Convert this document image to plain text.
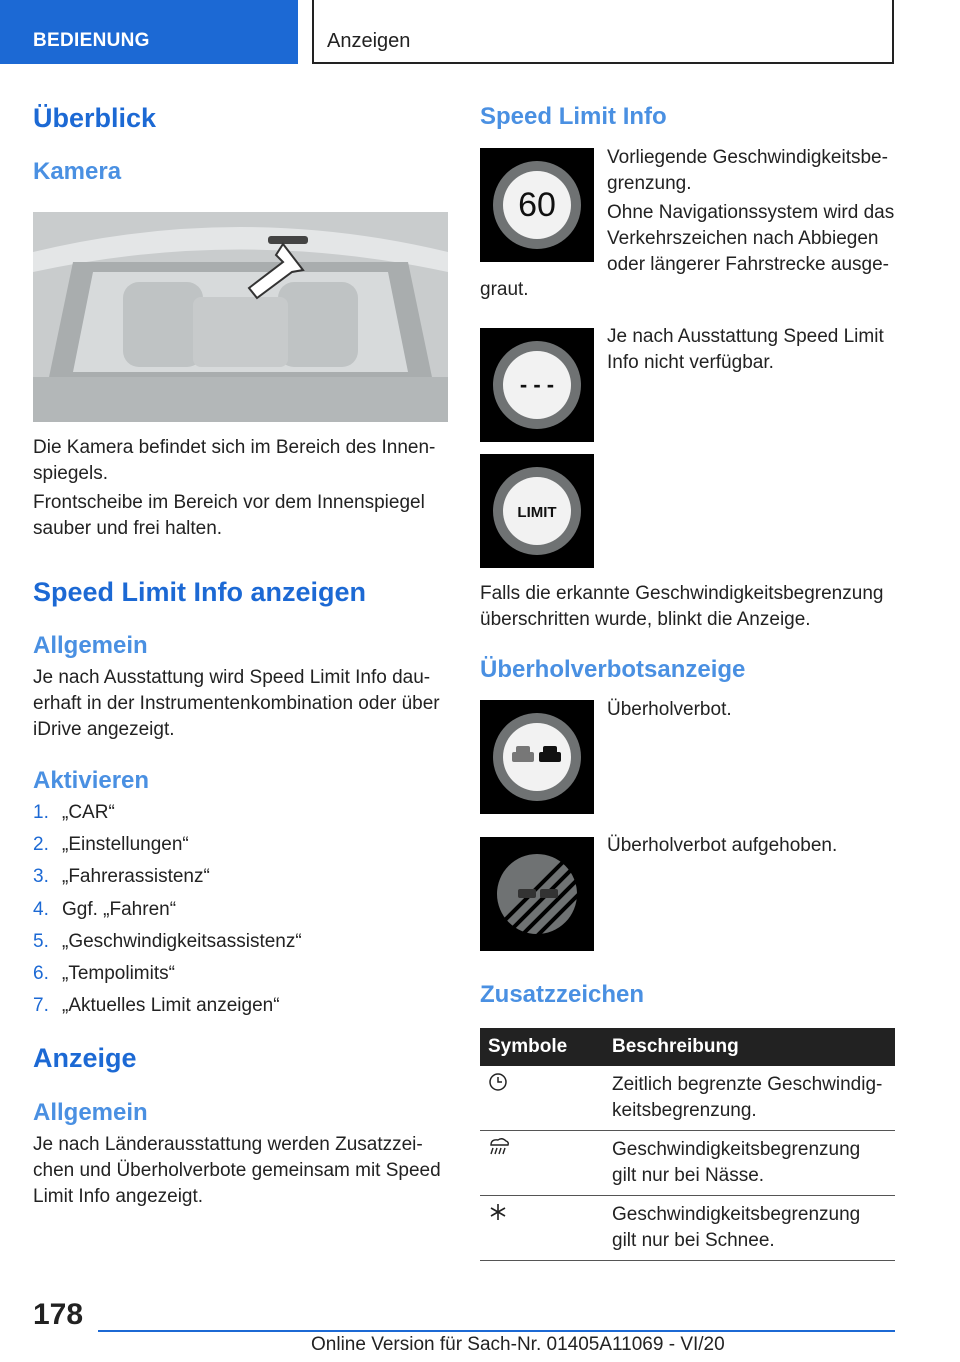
BEDIENUNG	Anzeigen
Überblick
Kamera

Die Kamera befindet sich im Bereich des Innen-spiegels.

Frontscheibe im Bereich vor dem Innenspiegel sauber und frei halten.

Speed Limit Info anzeigen
Allgemein

Je nach Ausstattung wird Speed Limit Info dau-erhaft in der Instrumentenkombination oder über iDrive angezeigt.

Aktivieren
1. „CAR“
2. „Einstellungen“
3. „Fahrerassistenz“
4. Ggf. „Fahren“
5. „Geschwindigkeitsassistenz“
6. „Tempolimits“
7. „Aktuelles Limit anzeigen“
Anzeige
Allgemein

Je nach Länderausstattung werden Zusatzzei-chen und Überholverbote gemeinsam mit Speed Limit Info angezeigt.

Speed Limit Info
60

Vorliegende Geschwindigkeitsbe-grenzung.

Ohne Navigationssystem wird das Verkehrszeichen nach Abbiegen oder längerer Fahrstrecke ausge-

graut.

- - -

Je nach Ausstattung Speed Limit Info nicht verfügbar.

LIMIT

Falls die erkannte Geschwindigkeitsbegrenzung überschritten wurde, blinkt die Anzeige.

Überholverbotsanzeige

Überholverbot.

Überholverbot aufgehoben.

Zusatzzeichen
Symbole	Beschreibung
	Zeitlich begrenzte Geschwindig-keitsbegrenzung.
	Geschwindigkeitsbegrenzung gilt nur bei Nässe.
	Geschwindigkeitsbegrenzung gilt nur bei Schnee.
178
Online Version für Sach-Nr. 01405A11069 - VI/20
